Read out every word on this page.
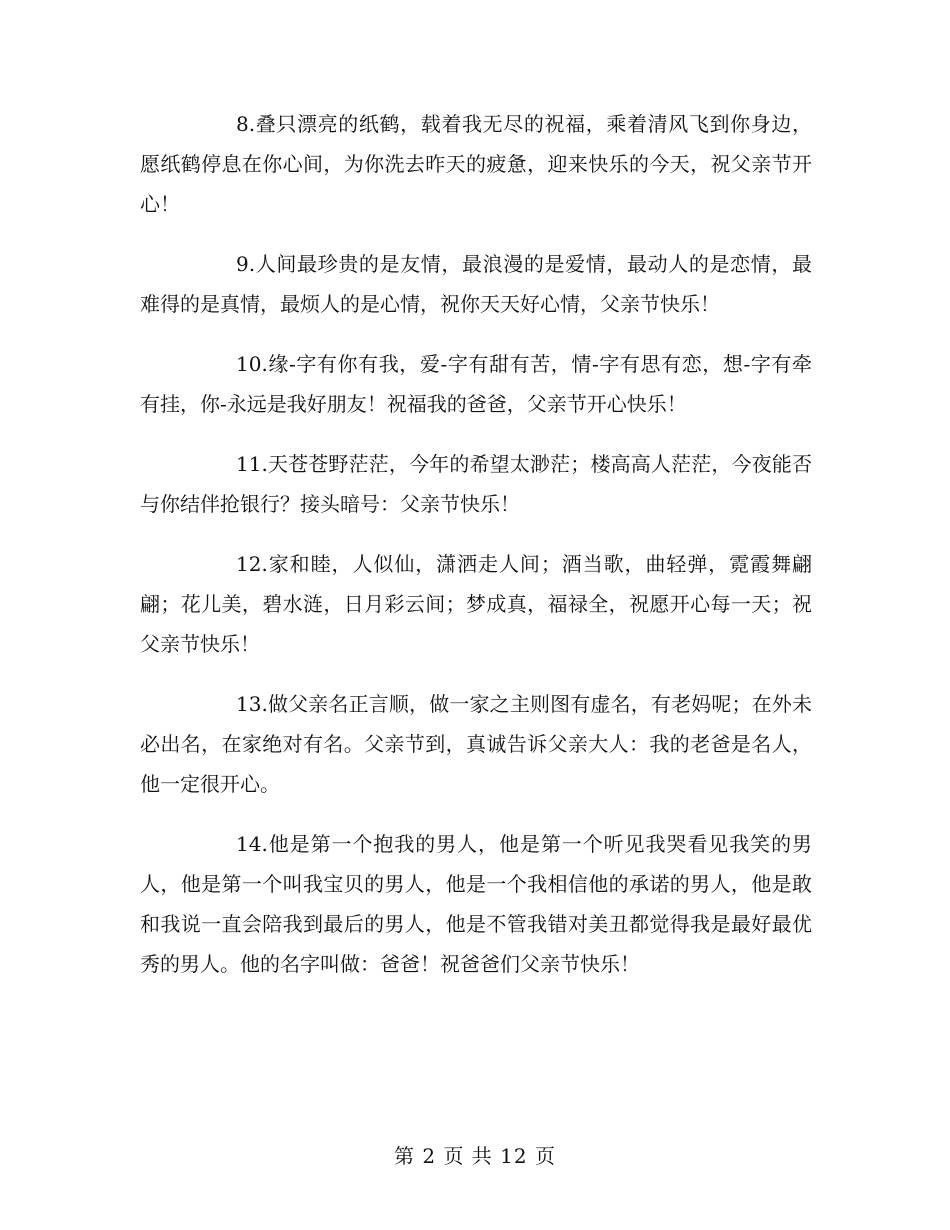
8.叠只漂亮的纸鹤，载着我无尽的祝福，乘着清风飞到你身边，愿纸鹤停息在你心间，为你洗去昨天的疲惫，迎来快乐的今天，祝父亲节开心！

9.人间最珍贵的是友情，最浪漫的是爱情，最动人的是恋情，最难得的是真情，最烦人的是心情，祝你天天好心情，父亲节快乐！

10.缘-字有你有我，爱-字有甜有苦，情-字有思有恋，想-字有牵有挂，你-永远是我好朋友！祝福我的爸爸，父亲节开心快乐！

11.天苍苍野茫茫，今年的希望太渺茫；楼高高人茫茫，今夜能否与你结伴抢银行？接头暗号：父亲节快乐！

12.家和睦，人似仙，潇洒走人间；酒当歌，曲轻弹，霓霞舞翩翩；花儿美，碧水涟，日月彩云间；梦成真，福禄全，祝愿开心每一天；祝父亲节快乐！

13.做父亲名正言顺，做一家之主则图有虚名，有老妈呢；在外未必出名，在家绝对有名。父亲节到，真诚告诉父亲大人：我的老爸是名人，他一定很开心。

14.他是第一个抱我的男人，他是第一个听见我哭看见我笑的男人，他是第一个叫我宝贝的男人，他是一个我相信他的承诺的男人，他是敢和我说一直会陪我到最后的男人，他是不管我错对美丑都觉得我是最好最优秀的男人。他的名字叫做：爸爸！祝爸爸们父亲节快乐！

第 2 页 共 12 页
